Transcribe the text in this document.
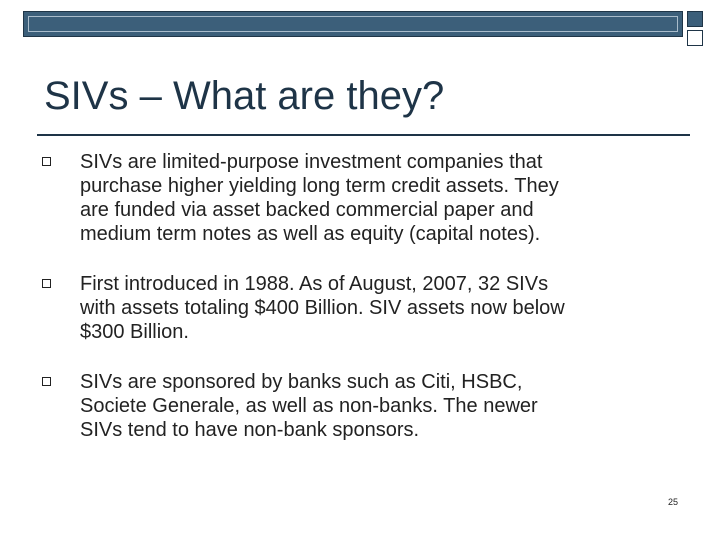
SIVs – What are they?
SIVs are limited-purpose investment companies that
purchase higher yielding long term credit assets. They
are funded via asset backed commercial paper and
medium term notes as well as equity (capital notes).
First introduced in 1988. As of August, 2007, 32 SIVs
with assets totaling $400 Billion. SIV assets now below
$300 Billion.
SIVs are sponsored by banks such as Citi, HSBC,
Societe Generale, as well as non-banks. The newer
SIVs tend to have non-bank sponsors.
25
